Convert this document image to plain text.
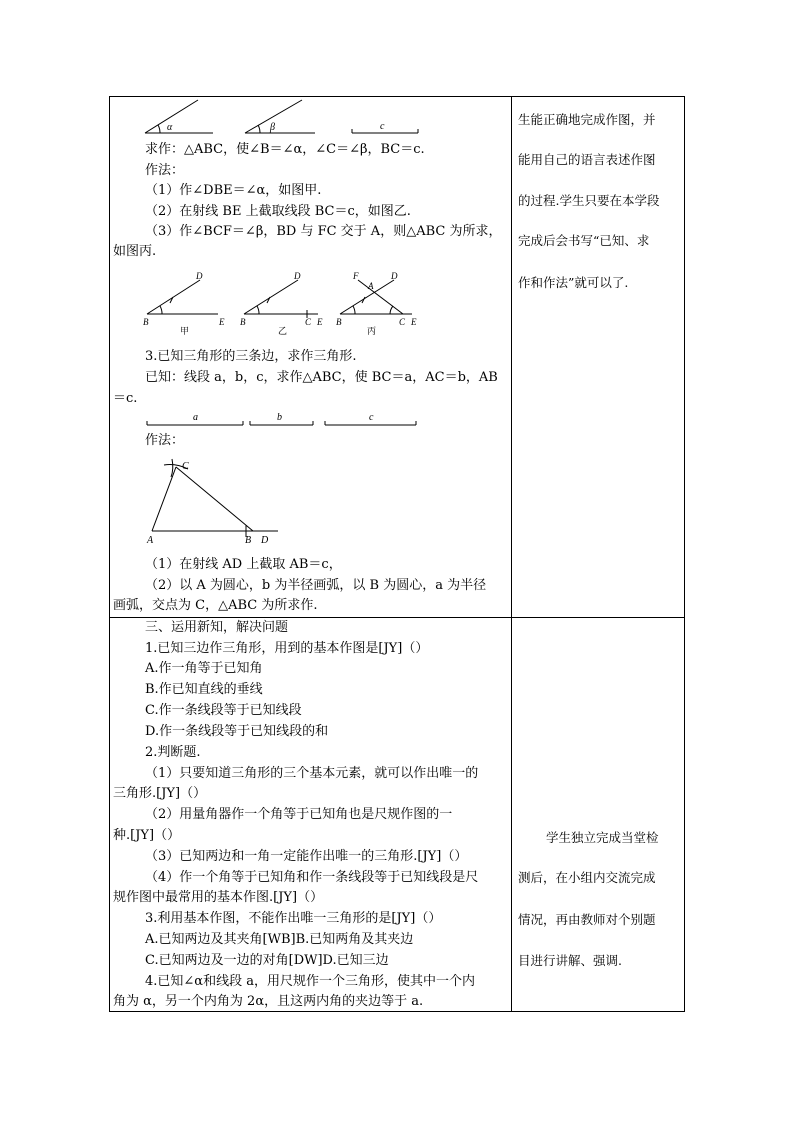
α	β	c
求作：△ABC，使∠B＝∠α，∠C＝∠β，BC＝c.
作法：
（1）作∠DBE＝∠α，如图甲.
（2）在射线 BE 上截取线段 BC＝c，如图乙.
（3）作∠BCF＝∠β，BD 与 FC 交于 A，则△ABC 为所求，
如图丙.
D
B	E
甲
D
B	C E
乙
F	D
A
B	C E
丙
3.已知三角形的三条边，求作三角形.
已知：线段 a，b，c，求作△ABC，使 BC＝a，AC＝b，AB
＝c.
a	b	c
作法：
C
A	B D
（1）在射线 AD 上截取 AB＝c，
（2）以 A 为圆心，b 为半径画弧，以 B 为圆心，a 为半径
画弧，交点为 C，△ABC 为所求作.
生能正确地完成作图，并
能用自己的语言表述作图
的过程.学生只要在本学段
完成后会书写“已知、求
作和作法”就可以了.
三、运用新知，解决问题
1.已知三边作三角形，用到的基本作图是[JY]（）
A.作一角等于已知角
B.作已知直线的垂线
C.作一条线段等于已知线段
D.作一条线段等于已知线段的和
2.判断题.
（1）只要知道三角形的三个基本元素，就可以作出唯一的
三角形.[JY]（）
（2）用量角器作一个角等于已知角也是尺规作图的一
种.[JY]（）
（3）已知两边和一角一定能作出唯一的三角形.[JY]（）
（4）作一个角等于已知角和作一条线段等于已知线段是尺
规作图中最常用的基本作图.[JY]（）
3.利用基本作图，不能作出唯一三角形的是[JY]（）
A.已知两边及其夹角[WB]B.已知两角及其夹边
C.已知两边及一边的对角[DW]D.已知三边
4.已知∠α和线段 a，用尺规作一个三角形，使其中一个内
角为 α，另一个内角为 2α，且这两内角的夹边等于 a.
学生独立完成当堂检
测后，在小组内交流完成
情况，再由教师对个别题
目进行讲解、强调.
